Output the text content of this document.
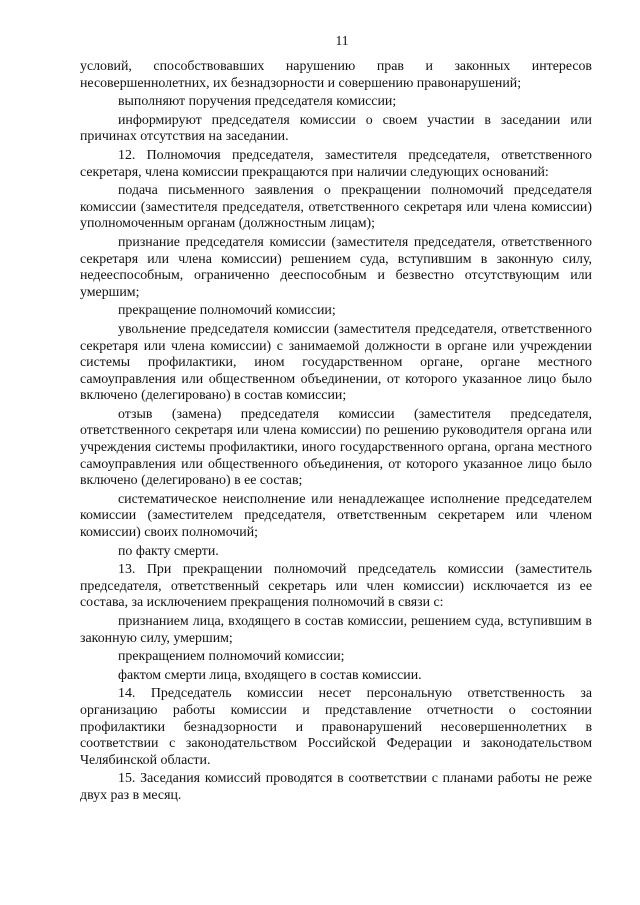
11

условий, способствовавших нарушению прав и законных интересов несовершеннолетних, их безнадзорности и совершению правонарушений;

выполняют поручения председателя комиссии;

информируют председателя комиссии о своем участии в заседании или причинах отсутствия на заседании.

12. Полномочия председателя, заместителя председателя, ответственного секретаря, члена комиссии прекращаются при наличии следующих оснований:

подача письменного заявления о прекращении полномочий председателя комиссии (заместителя председателя, ответственного секретаря или члена комиссии) уполномоченным органам (должностным лицам);

признание председателя комиссии (заместителя председателя, ответственного секретаря или члена комиссии) решением суда, вступившим в законную силу, недееспособным, ограниченно дееспособным и безвестно отсутствующим или умершим;

прекращение полномочий комиссии;

увольнение председателя комиссии (заместителя председателя, ответственного секретаря или члена комиссии) с занимаемой должности в органе или учреждении системы профилактики, ином государственном органе, органе местного самоуправления или общественном объединении, от которого указанное лицо было включено (делегировано) в состав комиссии;

отзыв (замена) председателя комиссии (заместителя председателя, ответственного секретаря или члена комиссии) по решению руководителя органа или учреждения системы профилактики, иного государственного органа, органа местного самоуправления или общественного объединения, от которого указанное лицо было включено (делегировано) в ее состав;

систематическое неисполнение или ненадлежащее исполнение председателем комиссии (заместителем председателя, ответственным секретарем или членом комиссии) своих полномочий;

по факту смерти.

13. При прекращении полномочий председатель комиссии (заместитель председателя, ответственный секретарь или член комиссии) исключается из ее состава, за исключением прекращения полномочий в связи с:

признанием лица, входящего в состав комиссии, решением суда, вступившим в законную силу, умершим;

прекращением полномочий комиссии;

фактом смерти лица, входящего в состав комиссии.

14. Председатель комиссии несет персональную ответственность за организацию работы комиссии и представление отчетности о состоянии профилактики безнадзорности и правонарушений несовершеннолетних в соответствии с законодательством Российской Федерации и законодательством Челябинской области.

15. Заседания комиссий проводятся в соответствии с планами работы не реже двух раз в месяц.
